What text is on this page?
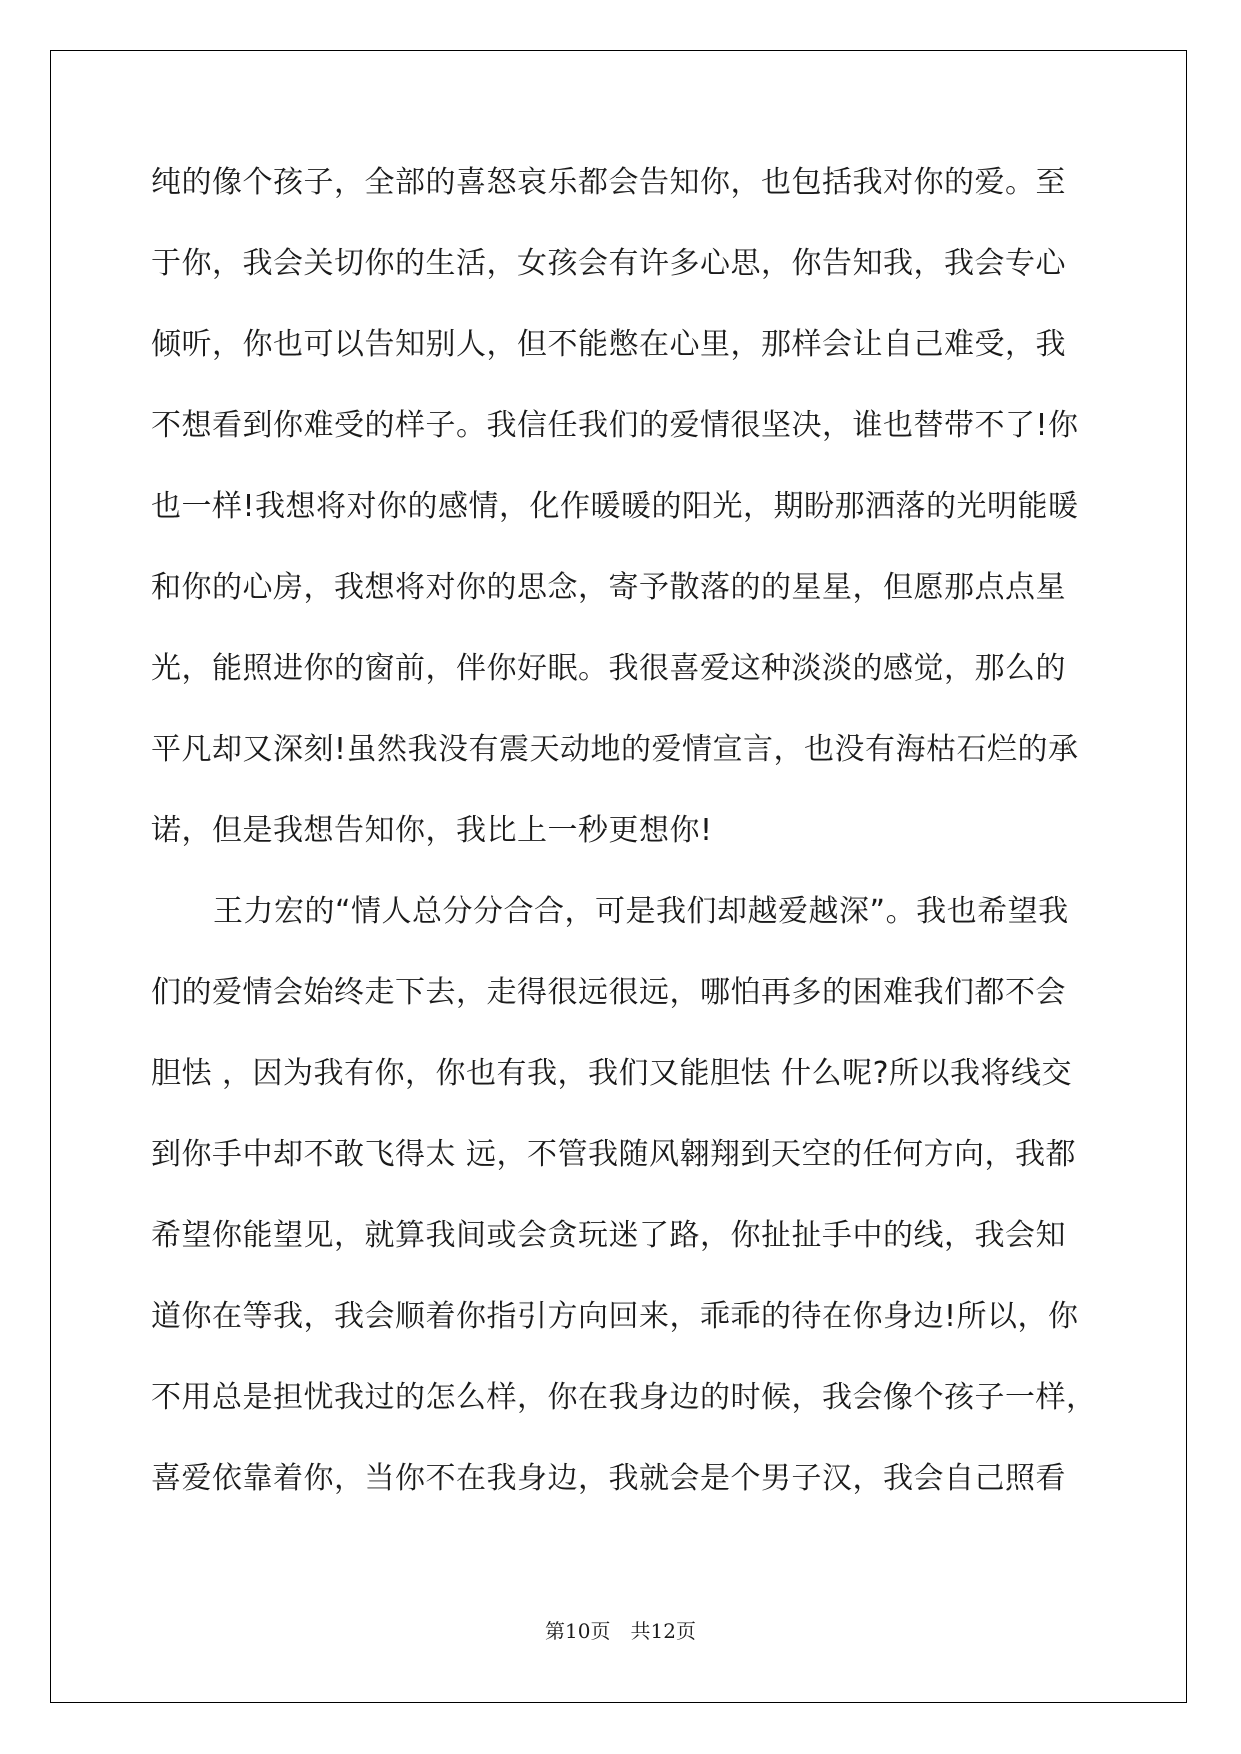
纯的像个孩子，全部的喜怒哀乐都会告知你，也包括我对你的爱。至
于你，我会关切你的生活，女孩会有许多心思，你告知我，我会专心
倾听，你也可以告知别人，但不能憋在心里，那样会让自己难受，我
不想看到你难受的样子。我信任我们的爱情很坚决，谁也替带不了!你
也一样!我想将对你的感情，化作暖暖的阳光，期盼那洒落的光明能暖
和你的心房，我想将对你的思念，寄予散落的的星星，但愿那点点星
光，能照进你的窗前，伴你好眠。我很喜爱这种淡淡的感觉，那么的
平凡却又深刻!虽然我没有震天动地的爱情宣言，也没有海枯石烂的承
诺，但是我想告知你，我比上一秒更想你!
王力宏的“情人总分分合合，可是我们却越爱越深”。我也希望我
们的爱情会始终走下去，走得很远很远，哪怕再多的困难我们都不会
胆怯 ，因为我有你，你也有我，我们又能胆怯 什么呢?所以我将线交
到你手中却不敢飞得太 远，不管我随风翱翔到天空的任何方向，我都
希望你能望见，就算我间或会贪玩迷了路，你扯扯手中的线，我会知
道你在等我，我会顺着你指引方向回来，乖乖的待在你身边!所以，你
不用总是担忧我过的怎么样，你在我身边的时候，我会像个孩子一样，
喜爱依靠着你，当你不在我身边，我就会是个男子汉，我会自己照看
第10页　共12页
